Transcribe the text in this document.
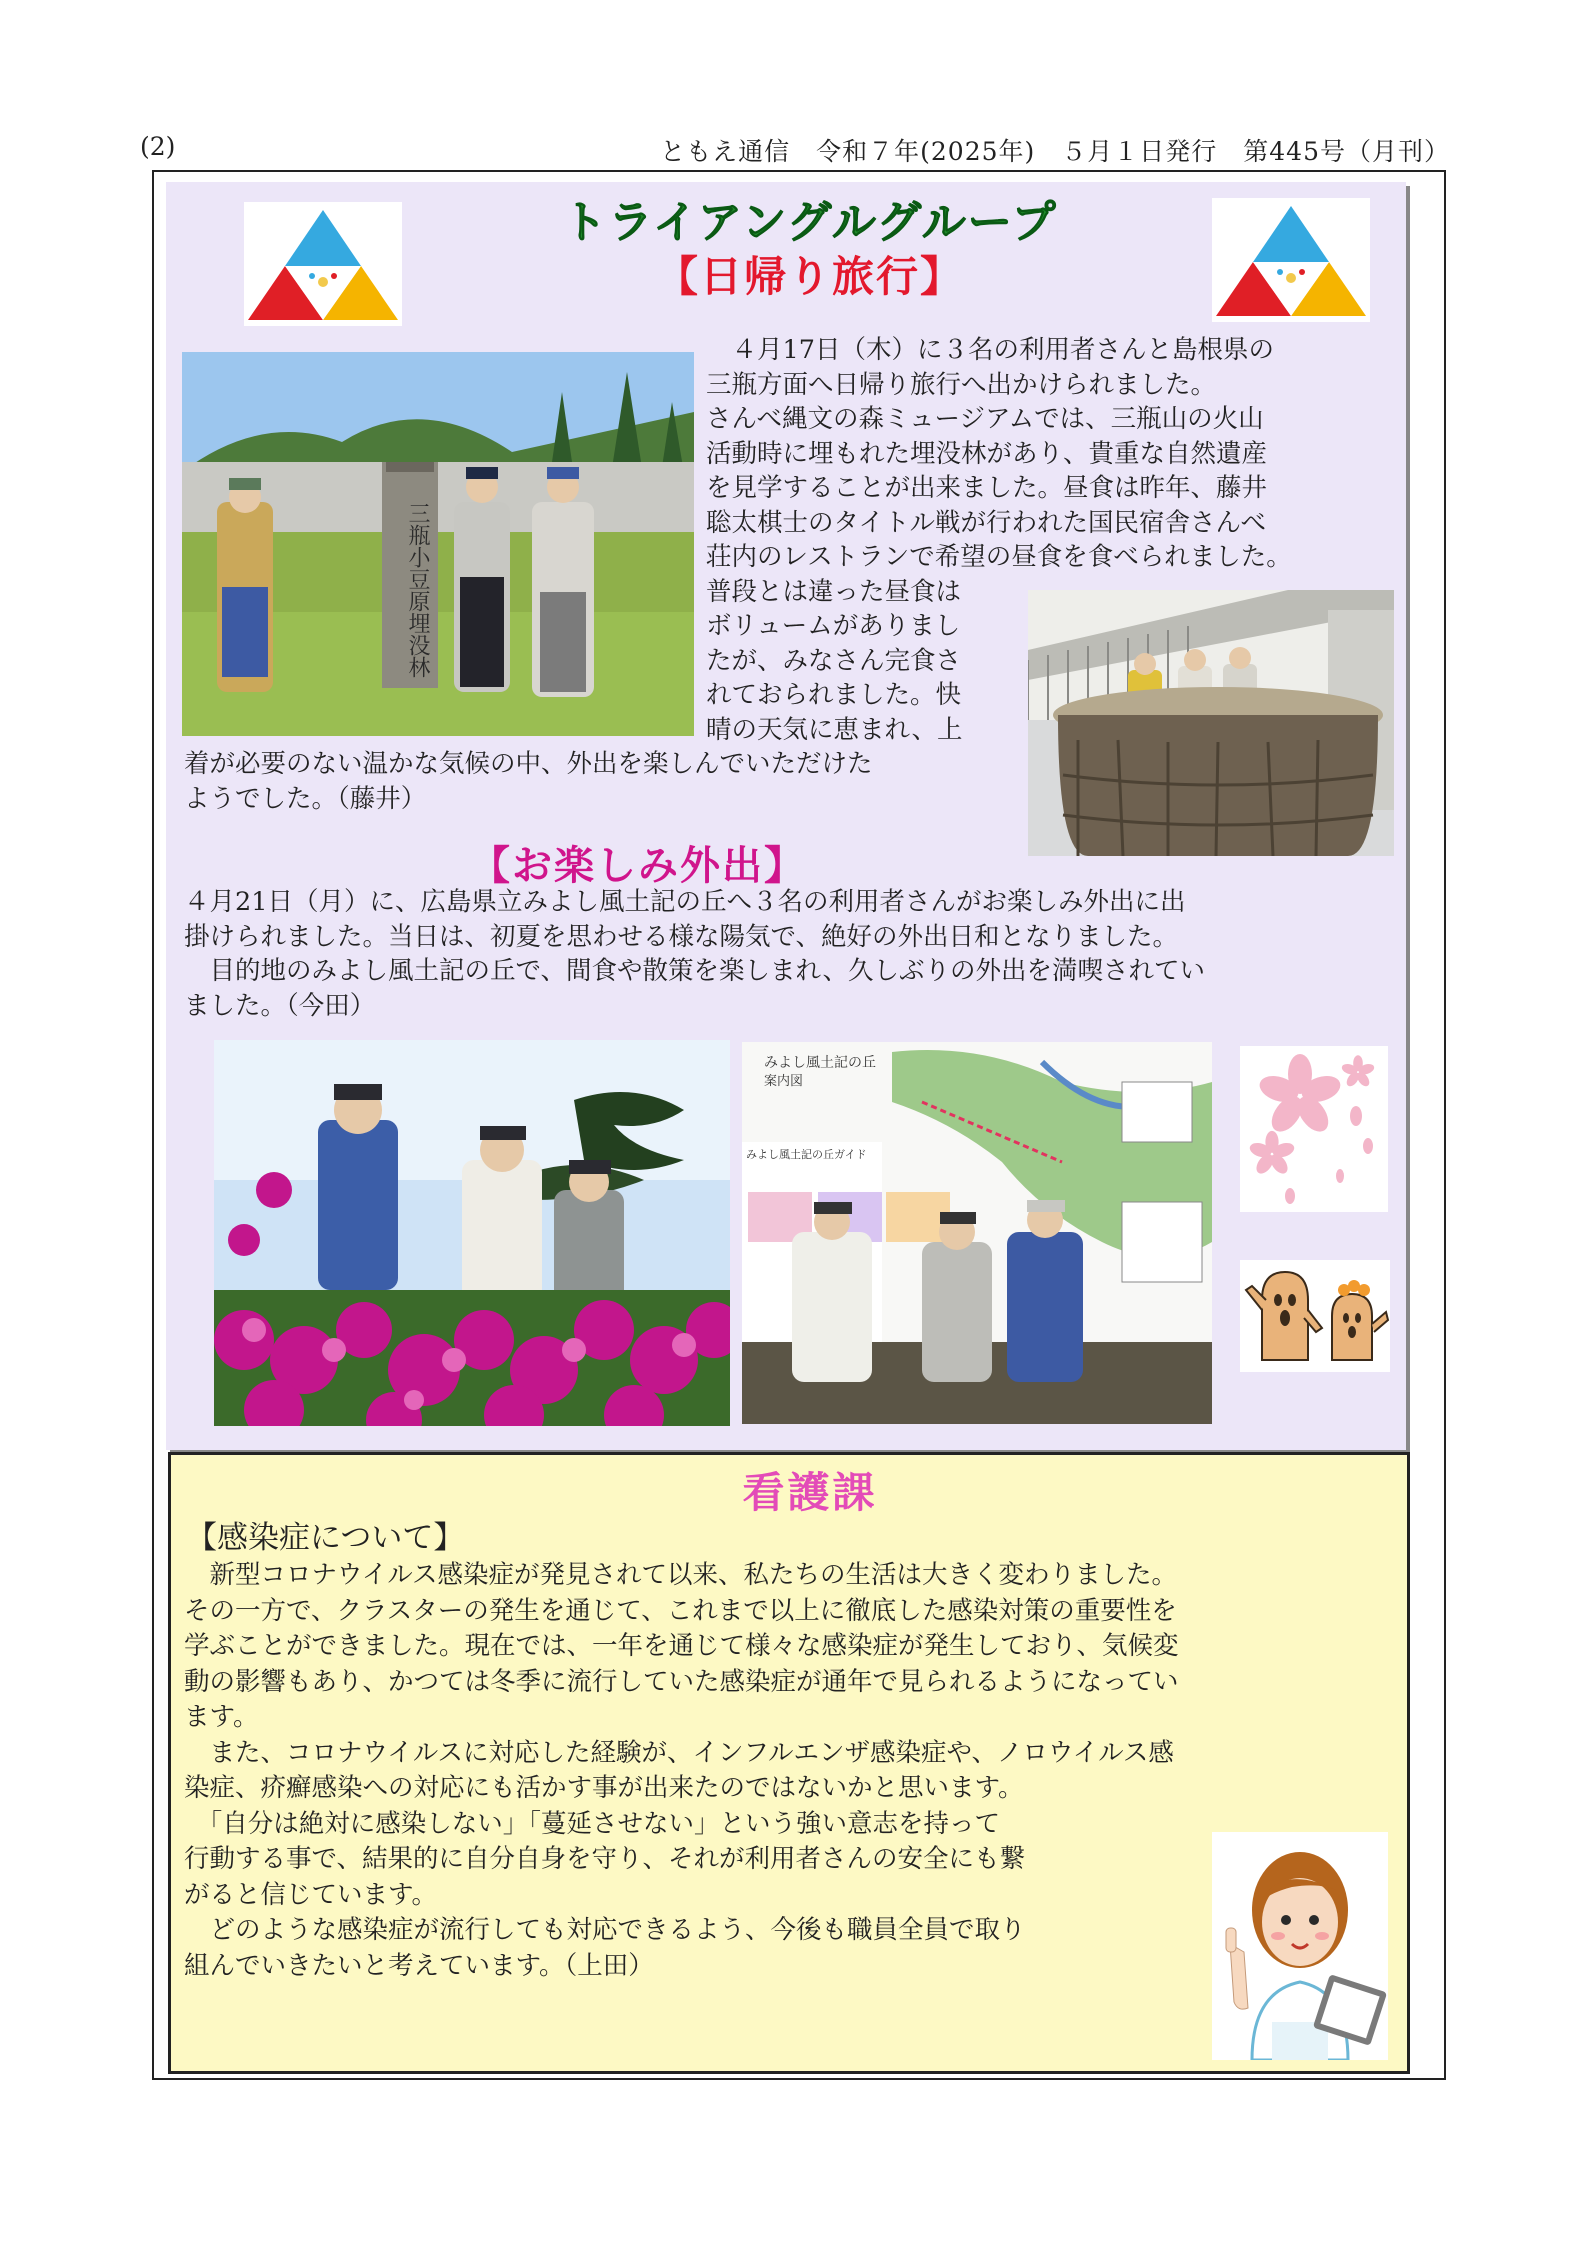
(2)	ともえ通信　令和７年(2025年)　５月１日発行　第445号（月刊）
トライアングルグループ
【日帰り旅行】
三瓶小豆原埋没林
　４月17日（木）に３名の利用者さんと島根県の
三瓶方面へ日帰り旅行へ出かけられました。
さんべ縄文の森ミュージアムでは、三瓶山の火山
活動時に埋もれた埋没林があり、貴重な自然遺産
を見学することが出来ました。昼食は昨年、藤井
聡太棋士のタイトル戦が行われた国民宿舎さんべ
荘内のレストランで希望の昼食を食べられました。
普段とは違った昼食は
ボリュームがありまし
たが、みなさん完食さ
れておられました。快
晴の天気に恵まれ、上
着が必要のない温かな気候の中、外出を楽しんでいただけた
ようでした。（藤井）
【お楽しみ外出】
４月21日（月）に、広島県立みよし風土記の丘へ３名の利用者さんがお楽しみ外出に出
掛けられました。当日は、初夏を思わせる様な陽気で、絶好の外出日和となりました。
　目的地のみよし風土記の丘で、間食や散策を楽しまれ、久しぶりの外出を満喫されてい
ました。（今田）
みよし風土記の丘
案内図
みよし風土記の丘ガイド
看護課
【感染症について】
　新型コロナウイルス感染症が発見されて以来、私たちの生活は大きく変わりました。
その一方で、クラスターの発生を通じて、これまで以上に徹底した感染対策の重要性を
学ぶことができました。現在では、一年を通じて様々な感染症が発生しており、気候変
動の影響もあり、かつては冬季に流行していた感染症が通年で見られるようになってい
ます。
　また、コロナウイルスに対応した経験が、インフルエンザ感染症や、ノロウイルス感
染症、疥癬感染への対応にも活かす事が出来たのではないかと思います。
　「自分は絶対に感染しない」「蔓延させない」という強い意志を持って
行動する事で、結果的に自分自身を守り、それが利用者さんの安全にも繋
がると信じています。
　どのような感染症が流行しても対応できるよう、今後も職員全員で取り
組んでいきたいと考えています。（上田）
